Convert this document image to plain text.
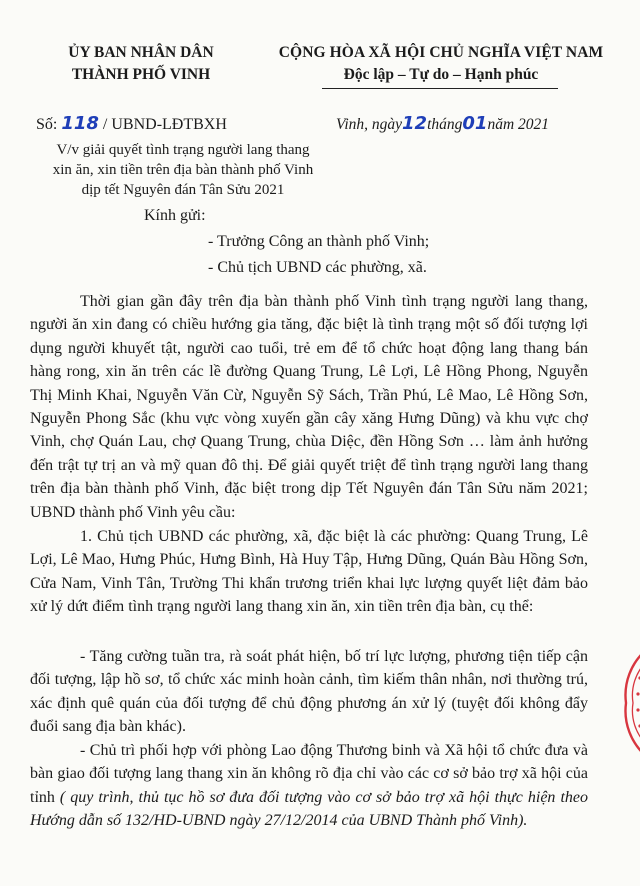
ỦY BAN NHÂN DÂN
THÀNH PHỐ VINH
CỘNG HÒA XÃ HỘI CHỦ NGHĨA VIỆT NAM
Độc lập – Tự do – Hạnh phúc
Số: 118 / UBND-LĐTBXH	Vinh, ngày12tháng01năm 2021
V/v giải quyết tình trạng người lang thang
xin ăn, xin tiền trên địa bàn thành phố Vinh
dịp tết Nguyên đán Tân Sửu 2021
Kính gửi:
- Trưởng Công an thành phố Vinh;
- Chủ tịch UBND các phường, xã.

Thời gian gần đây trên địa bàn thành phố Vinh tình trạng người lang thang, người ăn xin đang có chiều hướng gia tăng, đặc biệt là tình trạng một số đối tượng lợi dụng người khuyết tật, người cao tuổi, trẻ em để tổ chức hoạt động lang thang bán hàng rong, xin ăn trên các lề đường Quang Trung, Lê Lợi, Lê Hồng Phong, Nguyễn Thị Minh Khai, Nguyễn Văn Cừ, Nguyễn Sỹ Sách, Trần Phú, Lê Mao, Lê Hồng Sơn, Nguyễn Phong Sắc (khu vực vòng xuyến gần cây xăng Hưng Dũng) và khu vực chợ Vinh, chợ Quán Lau, chợ Quang Trung, chùa Diệc, đền Hồng Sơn … làm ảnh hưởng đến trật tự trị an và mỹ quan đô thị. Để giải quyết triệt để tình trạng người lang thang trên địa bàn thành phố Vinh, đặc biệt trong dịp Tết Nguyên đán Tân Sửu năm 2021; UBND thành phố Vinh yêu cầu:

1. Chủ tịch UBND các phường, xã, đặc biệt là các phường: Quang Trung, Lê Lợi, Lê Mao, Hưng Phúc, Hưng Bình, Hà Huy Tập, Hưng Dũng, Quán Bàu Hồng Sơn, Cửa Nam, Vinh Tân, Trường Thi khẩn trương triển khai lực lượng quyết liệt đảm bảo xử lý dứt điểm tình trạng người lang thang xin ăn, xin tiền trên địa bàn, cụ thể:

- Tăng cường tuần tra, rà soát phát hiện, bố trí lực lượng, phương tiện tiếp cận đối tượng, lập hồ sơ, tổ chức xác minh hoàn cảnh, tìm kiếm thân nhân, nơi thường trú, xác định quê quán của đối tượng để chủ động phương án xử lý (tuyệt đối không đẩy đuổi sang địa bàn khác).

- Chủ trì phối hợp với phòng Lao động Thương binh và Xã hội tổ chức đưa và bàn giao đối tượng lang thang xin ăn không rõ địa chỉ vào các cơ sở bảo trợ xã hội của tỉnh ( quy trình, thủ tục hồ sơ đưa đối tượng vào cơ sở bảo trợ xã hội thực hiện theo Hướng dẫn số 132/HD-UBND ngày 27/12/2014 của UBND Thành phố Vinh).
